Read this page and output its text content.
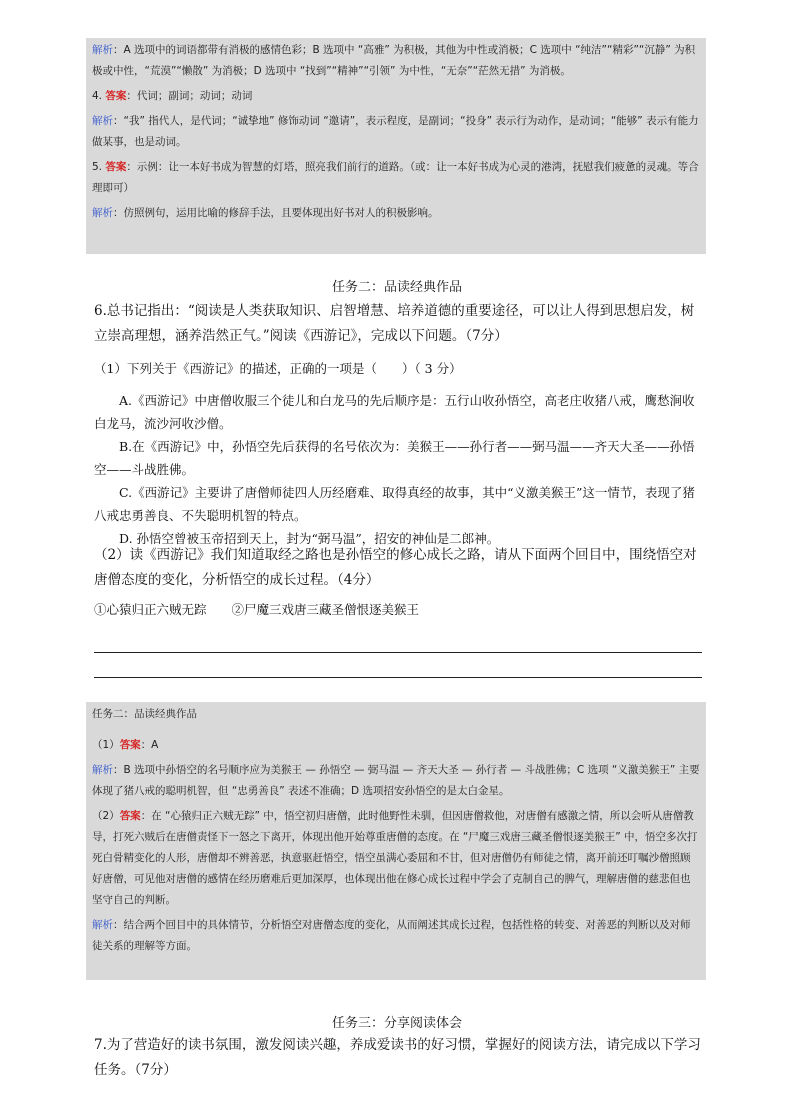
解析：A 选项中的词语都带有消极的感情色彩；B 选项中 “高雅” 为积极，其他为中性或消极；C 选项中 “纯洁”“精彩”“沉静” 为积极或中性，“荒漠”“懒散” 为消极；D 选项中 “找到”“精神”“引领” 为中性，“无奈”“茫然无措” 为消极。

4. 答案：代词；副词；动词；动词

解析：“我” 指代人，是代词；“诚挚地” 修饰动词 “邀请”，表示程度，是副词；“投身” 表示行为动作，是动词；“能够” 表示有能力做某事，也是动词。

5. 答案：示例：让一本好书成为智慧的灯塔，照亮我们前行的道路。（或：让一本好书成为心灵的港湾，抚慰我们疲惫的灵魂。等合理即可）

解析：仿照例句，运用比喻的修辞手法，且要体现出好书对人的积极影响。

任务二：品读经典作品

6.总书记指出：“阅读是人类获取知识、启智增慧、培养道德的重要途径，可以让人得到思想启发，树立崇高理想，涵养浩然正气。”阅读《西游记》，完成以下问题。（7分）

（1）下列关于《西游记》的描述，正确的一项是（　　）（ 3 分）

A.《西游记》中唐僧收服三个徒儿和白龙马的先后顺序是：五行山收孙悟空，高老庄收猪八戒，鹰愁涧收白龙马，流沙河收沙僧。

B.在《西游记》中，孙悟空先后获得的名号依次为：美猴王——孙行者——弼马温——齐天大圣——孙悟空——斗战胜佛。

C.《西游记》主要讲了唐僧师徒四人历经磨难、取得真经的故事，其中“义激美猴王”这一情节，表现了猪八戒忠勇善良、不失聪明机智的特点。

D. 孙悟空曾被玉帝招到天上，封为“弼马温”，招安的神仙是二郎神。

（2）读《西游记》我们知道取经之路也是孙悟空的修心成长之路，请从下面两个回目中，围绕悟空对唐僧态度的变化，分析悟空的成长过程。（4分）

①心猿归正六贼无踪　　②尸魔三戏唐三藏圣僧恨逐美猴王

任务二：品读经典作品

（1）答案：A

解析：B 选项中孙悟空的名号顺序应为美猴王 — 孙悟空 — 弼马温 — 齐天大圣 — 孙行者 — 斗战胜佛；C 选项 “义激美猴王” 主要体现了猪八戒的聪明机智，但 “忠勇善良” 表述不准确；D 选项招安孙悟空的是太白金星。

（2）答案：在 “心猿归正六贼无踪” 中，悟空初归唐僧，此时他野性未驯，但因唐僧救他，对唐僧有感激之情，所以会听从唐僧教导，打死六贼后在唐僧责怪下一怒之下离开，体现出他开始尊重唐僧的态度。在 “尸魔三戏唐三藏圣僧恨逐美猴王” 中，悟空多次打死白骨精变化的人形，唐僧却不辨善恶，执意驱赶悟空，悟空虽满心委屈和不甘，但对唐僧仍有师徒之情，离开前还叮嘱沙僧照顾好唐僧，可见他对唐僧的感情在经历磨难后更加深厚，也体现出他在修心成长过程中学会了克制自己的脾气，理解唐僧的慈悲但也坚守自己的判断。

解析：结合两个回目中的具体情节，分析悟空对唐僧态度的变化，从而阐述其成长过程，包括性格的转变、对善恶的判断以及对师徒关系的理解等方面。

任务三：分享阅读体会

7.为了营造好的读书氛围，激发阅读兴趣，养成爱读书的好习惯，掌握好的阅读方法，请完成以下学习任务。（7分）
